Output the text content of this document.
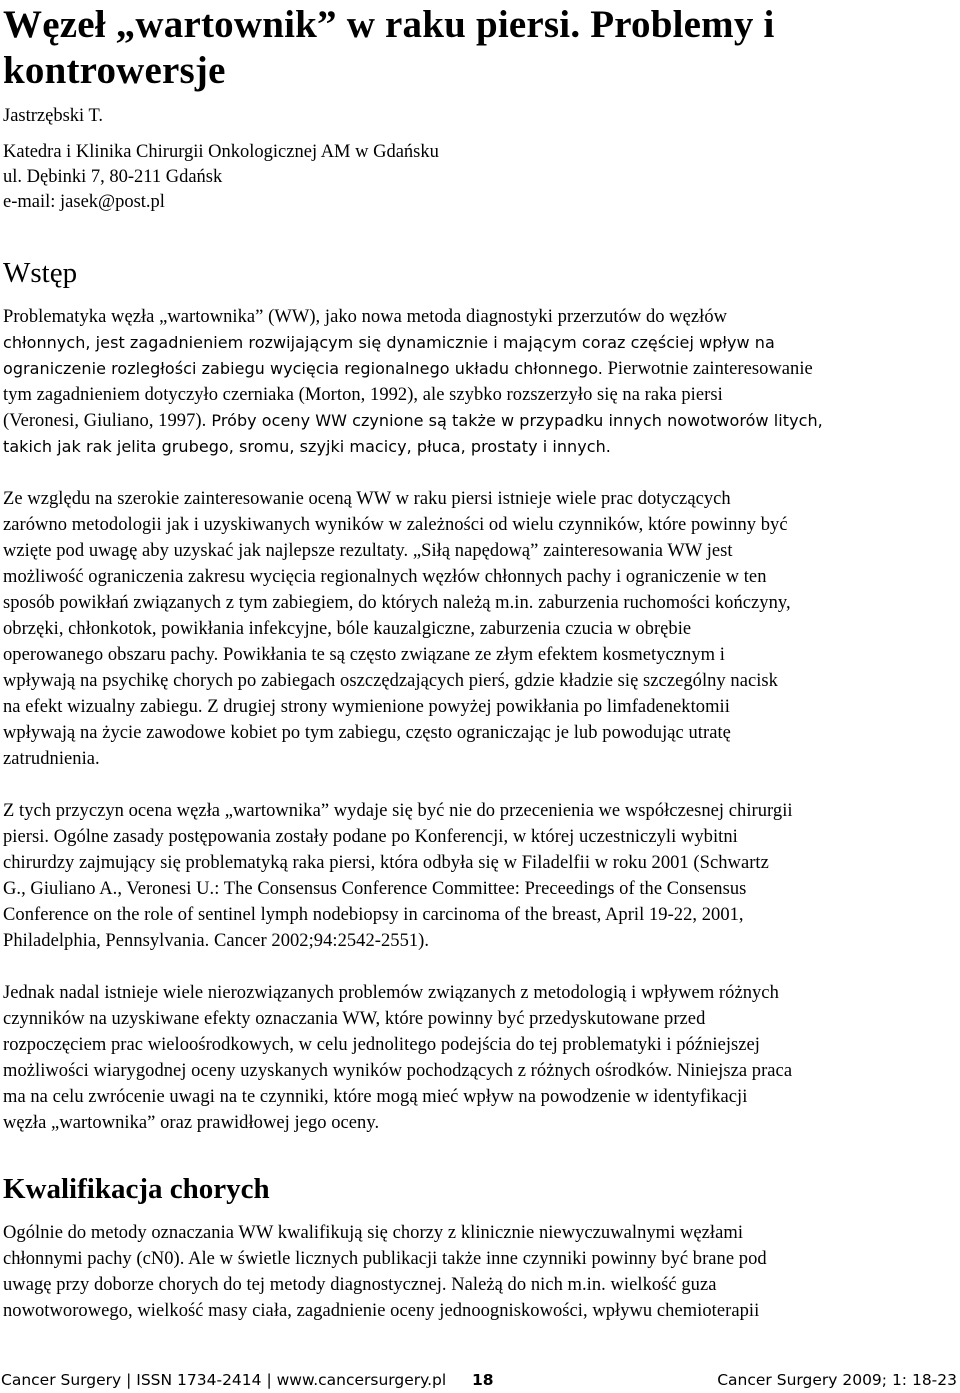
Węzeł „wartownik” w raku piersi. Problemy i
kontrowersje
Jastrzębski T.
Katedra i Klinika Chirurgii Onkologicznej AM w Gdańsku
ul. Dębinki 7, 80-211 Gdańsk
e-mail: jasek@post.pl
Wstęp

Problematyka węzła „wartownika” (WW), jako nowa metoda diagnostyki przerzutów do węzłów
chłonnych, jest zagadnieniem rozwijającym się dynamicznie i mającym coraz częściej wpływ na
ograniczenie rozległości zabiegu wycięcia regionalnego układu chłonnego. Pierwotnie zainteresowanie
tym zagadnieniem dotyczyło czerniaka (Morton, 1992), ale szybko rozszerzyło się na raka piersi
(Veronesi, Giuliano, 1997). Próby oceny WW czynione są także w przypadku innych nowotworów litych,
takich jak rak jelita grubego, sromu, szyjki macicy, płuca, prostaty i innych.

Ze względu na szerokie zainteresowanie oceną WW w raku piersi istnieje wiele prac dotyczących
zarówno metodologii jak i uzyskiwanych wyników w zależności od wielu czynników, które powinny być
wzięte pod uwagę aby uzyskać jak najlepsze rezultaty. „Siłą napędową” zainteresowania WW jest
możliwość ograniczenia zakresu wycięcia regionalnych węzłów chłonnych pachy i ograniczenie w ten
sposób powikłań związanych z tym zabiegiem, do których należą m.in. zaburzenia ruchomości kończyny,
obrzęki, chłonkotok, powikłania infekcyjne, bóle kauzalgiczne, zaburzenia czucia w obrębie
operowanego obszaru pachy. Powikłania te są często związane ze złym efektem kosmetycznym i
wpływają na psychikę chorych po zabiegach oszczędzających pierś, gdzie kładzie się szczególny nacisk
na efekt wizualny zabiegu. Z drugiej strony wymienione powyżej powikłania po limfadenektomii
wpływają na życie zawodowe kobiet po tym zabiegu, często ograniczając je lub powodując utratę
zatrudnienia.

Z tych przyczyn ocena węzła „wartownika” wydaje się być nie do przecenienia we współczesnej chirurgii
piersi. Ogólne zasady postępowania zostały podane po Konferencji, w której uczestniczyli wybitni
chirurdzy zajmujący się problematyką raka piersi, która odbyła się w Filadelfii w roku 2001 (Schwartz
G., Giuliano A., Veronesi U.: The Consensus Conference Committee: Preceedings of the Consensus
Conference on the role of sentinel lymph nodebiopsy in carcinoma of the breast, April 19-22, 2001,
Philadelphia, Pennsylvania. Cancer 2002;94:2542-2551).

Jednak nadal istnieje wiele nierozwiązanych problemów związanych z metodologią i wpływem różnych
czynników na uzyskiwane efekty oznaczania WW, które powinny być przedyskutowane przed
rozpoczęciem prac wieloośrodkowych, w celu jednolitego podejścia do tej problematyki i późniejszej
możliwości wiarygodnej oceny uzyskanych wyników pochodzących z różnych ośrodków. Niniejsza praca
ma na celu zwrócenie uwagi na te czynniki, które mogą mieć wpływ na powodzenie w identyfikacji
węzła „wartownika” oraz prawidłowej jego oceny.

Kwalifikacja chorych

Ogólnie do metody oznaczania WW kwalifikują się chorzy z klinicznie niewyczuwalnymi węzłami
chłonnymi pachy (cN0). Ale w świetle licznych publikacji także inne czynniki powinny być brane pod
uwagę przy doborze chorych do tej metody diagnostycznej. Należą do nich m.in. wielkość guza
nowotworowego, wielkość masy ciała, zagadnienie oceny jednoogniskowości, wpływu chemioterapii

Cancer Surgery | ISSN 1734-2414 | www.cancersurgery.pl 18	Cancer Surgery 2009; 1: 18-23
